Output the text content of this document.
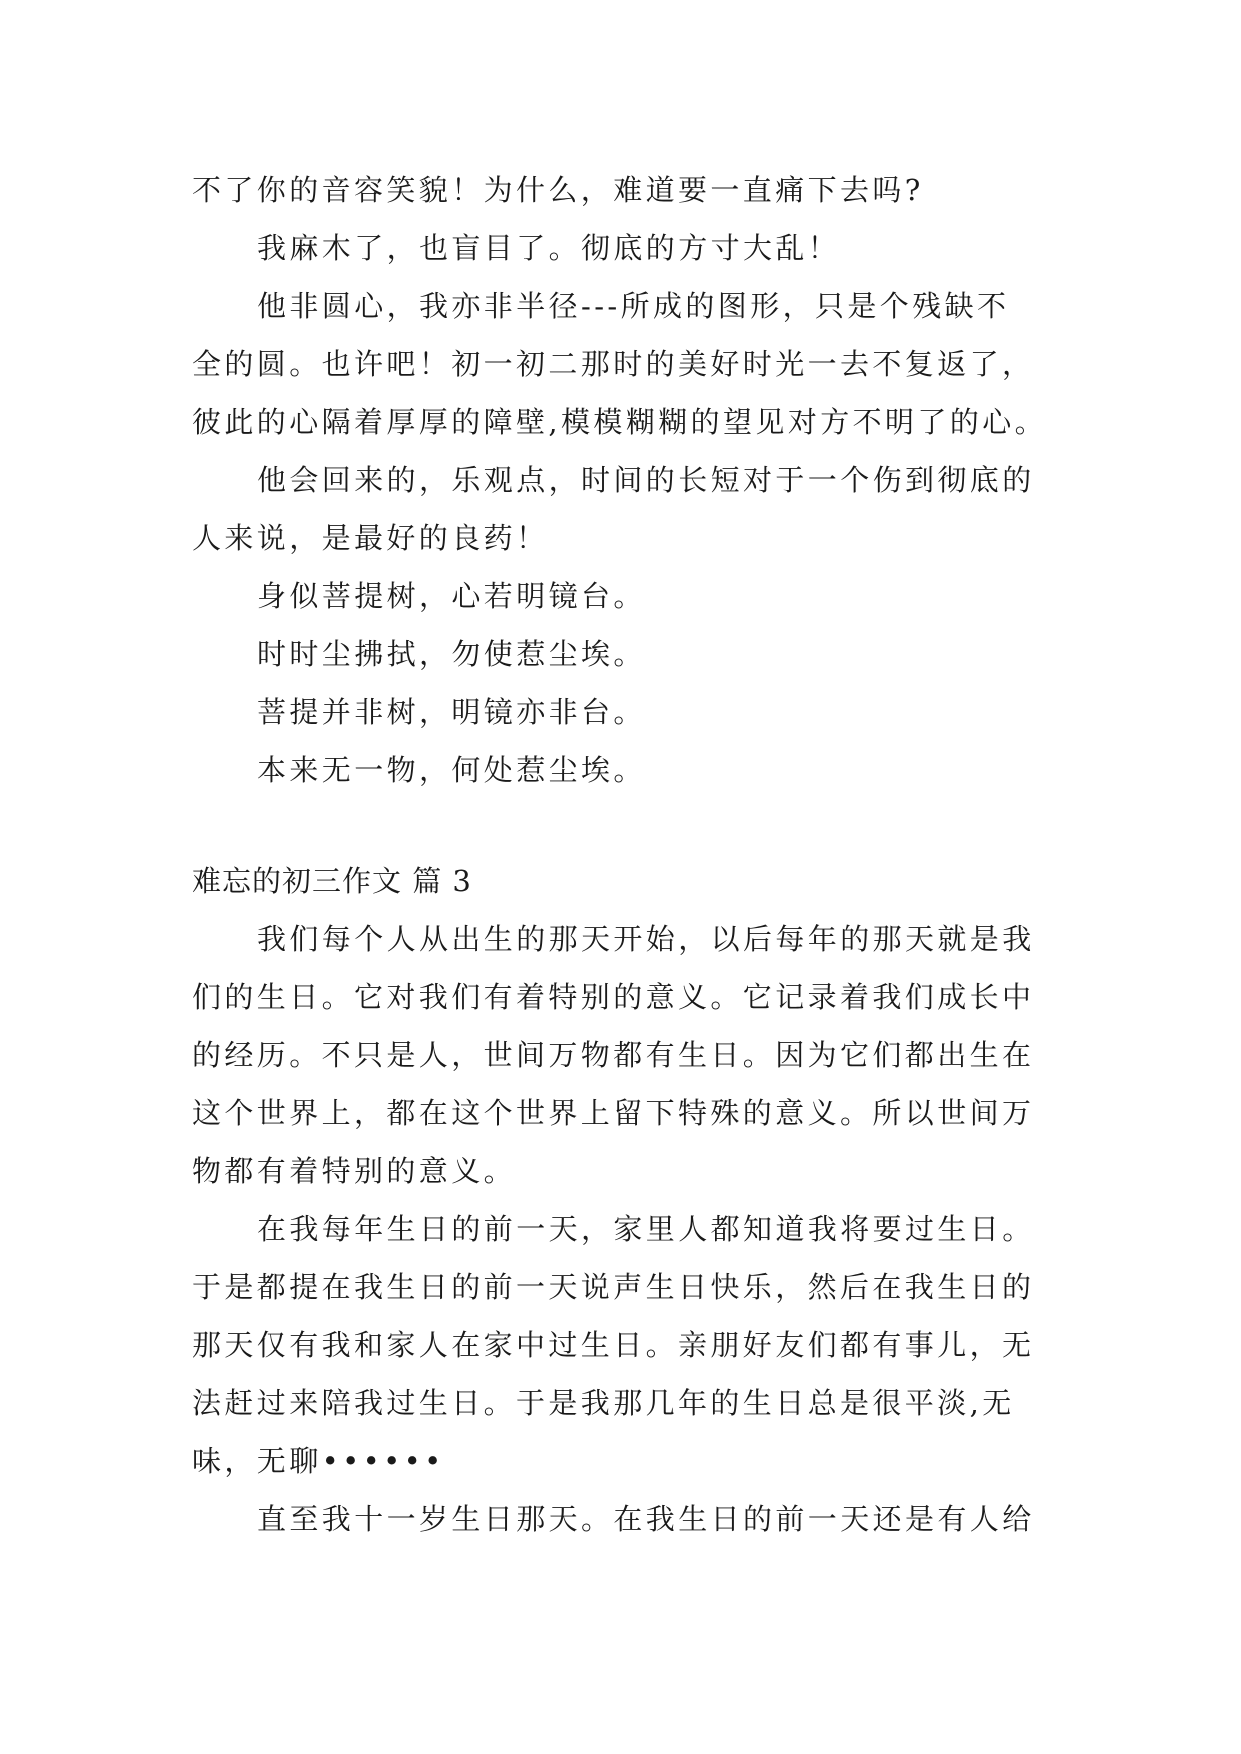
不了你的音容笑貌！为什么，难道要一直痛下去吗?
我麻木了，也盲目了。彻底的方寸大乱！
他非圆心，我亦非半径---所成的图形，只是个残缺不
全的圆。也许吧！初一初二那时的美好时光一去不复返了，
彼此的心隔着厚厚的障壁,模模糊糊的望见对方不明了的心。
他会回来的，乐观点，时间的长短对于一个伤到彻底的
人来说，是最好的良药！
身似菩提树，心若明镜台。
时时尘拂拭，勿使惹尘埃。
菩提并非树，明镜亦非台。
本来无一物，何处惹尘埃。
难忘的初三作文 篇 3
我们每个人从出生的那天开始，以后每年的那天就是我
们的生日。它对我们有着特别的意义。它记录着我们成长中
的经历。不只是人，世间万物都有生日。因为它们都出生在
这个世界上，都在这个世界上留下特殊的意义。所以世间万
物都有着特别的意义。
在我每年生日的前一天，家里人都知道我将要过生日。
于是都提在我生日的前一天说声生日快乐，然后在我生日的
那天仅有我和家人在家中过生日。亲朋好友们都有事儿，无
法赶过来陪我过生日。于是我那几年的生日总是很平淡,无
味，无聊••••••
直至我十一岁生日那天。在我生日的前一天还是有人给
